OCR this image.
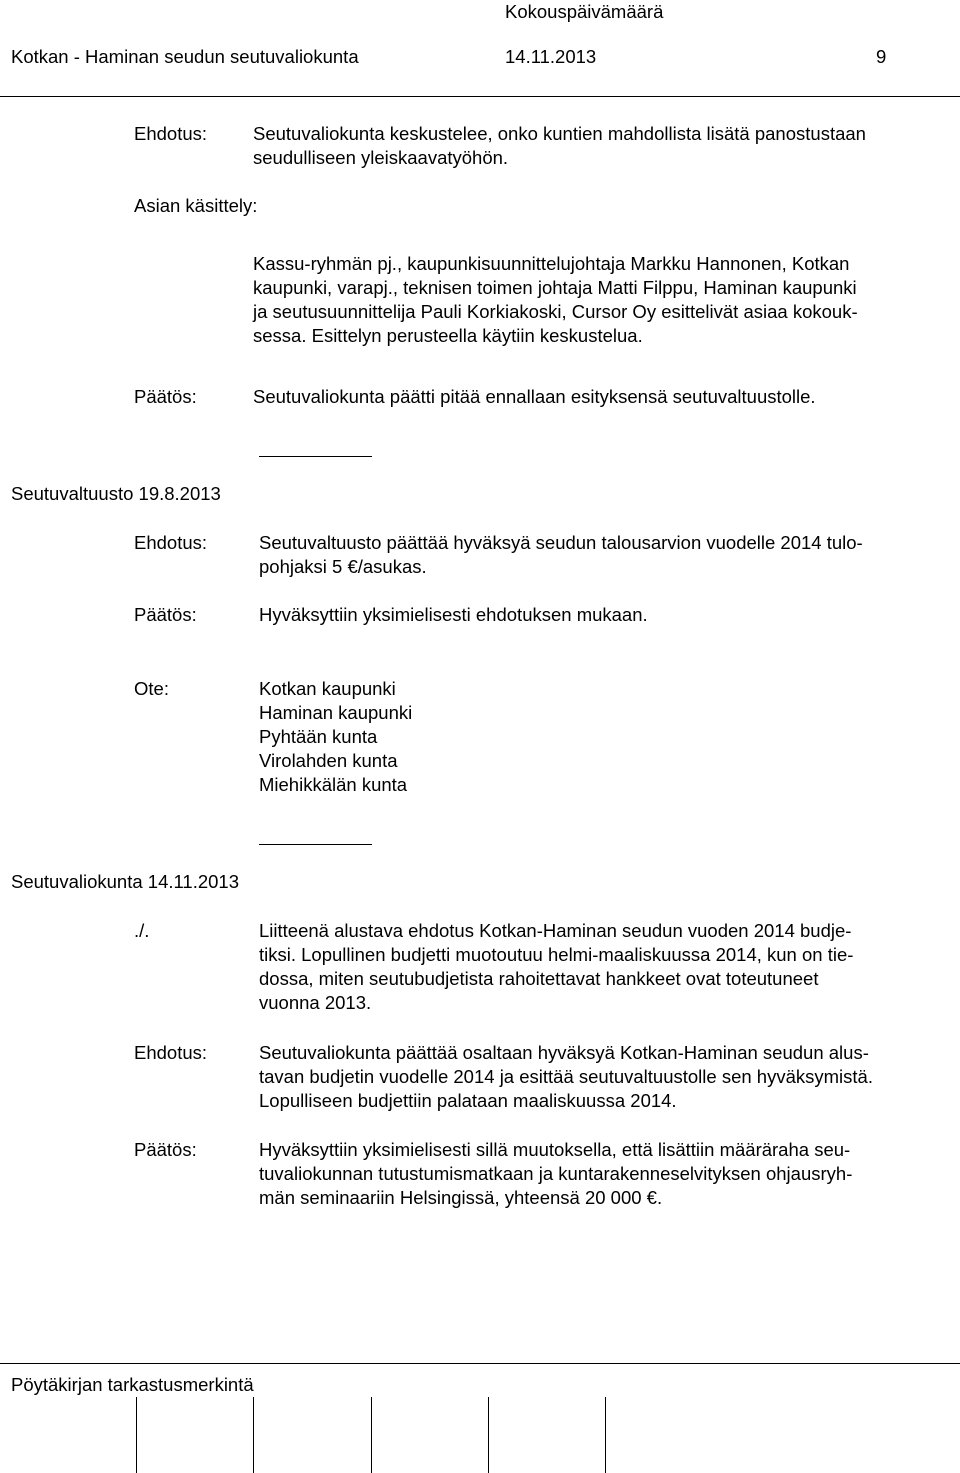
Kokouspäivämäärä
Kotkan - Haminan seudun seutuvaliokunta	14.11.2013	9
Ehdotus: Seutuvaliokunta keskustelee, onko kuntien mahdollista lisätä panostustaan
seudulliseen yleiskaavatyöhön.
Asian käsittely:
Kassu-ryhmän pj., kaupunkisuunnittelujohtaja Markku Hannonen, Kotkan
kaupunki, varapj., teknisen toimen johtaja Matti Filppu, Haminan kaupunki
ja seutusuunnittelija Pauli Korkiakoski, Cursor Oy esittelivät asiaa kokouk-
sessa. Esittelyn perusteella käytiin keskustelua.
Päätös:	Seutuvaliokunta päätti pitää ennallaan esityksensä seutuvaltuustolle.
Seutuvaltuusto 19.8.2013
Ehdotus:	Seutuvaltuusto päättää hyväksyä seudun talousarvion vuodelle 2014 tulo-
pohjaksi 5 €/asukas.
Päätös:	Hyväksyttiin yksimielisesti ehdotuksen mukaan.
Ote:	Kotkan kaupunki
Haminan kaupunki
Pyhtään kunta
Virolahden kunta
Miehikkälän kunta
Seutuvaliokunta 14.11.2013
./.	Liitteenä alustava ehdotus Kotkan-Haminan seudun vuoden 2014 budje-
tiksi. Lopullinen budjetti muotoutuu helmi-maaliskuussa 2014, kun on tie-
dossa, miten seutubudjetista rahoitettavat hankkeet ovat toteutuneet
vuonna 2013.
Ehdotus:	Seutuvaliokunta päättää osaltaan hyväksyä Kotkan-Haminan seudun alus-
tavan budjetin vuodelle 2014 ja esittää seutuvaltuustolle sen hyväksymistä.
Lopulliseen budjettiin palataan maaliskuussa 2014.
Päätös:	Hyväksyttiin yksimielisesti sillä muutoksella, että lisättiin määräraha seu-
tuvaliokunnan tutustumismatkaan ja kuntarakenneselvityksen ohjausryh-
män seminaariin Helsingissä, yhteensä 20 000 €.
Pöytäkirjan tarkastusmerkintä
